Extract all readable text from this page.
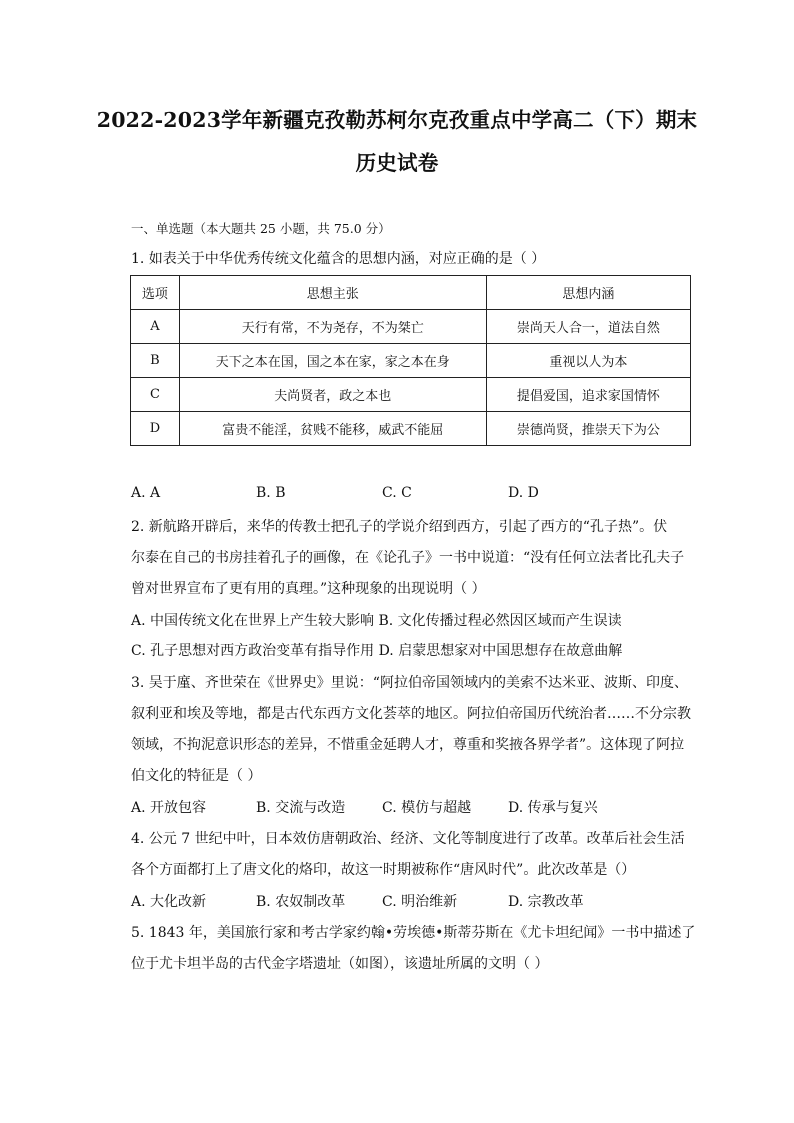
2022-2023学年新疆克孜勒苏柯尔克孜重点中学高二（下）期末
历史试卷
一、单选题（本大题共 25 小题，共 75.0 分）
1. 如表关于中华优秀传统文化蕴含的思想内涵，对应正确的是（ ）
选项	思想主张	思想内涵
A	天行有常，不为尧存，不为桀亡	崇尚天人合一，道法自然
B	天下之本在国，国之本在家，家之本在身	重视以人为本
C	夫尚贤者，政之本也	提倡爱国，追求家国情怀
D	富贵不能淫，贫贱不能移，威武不能屈	崇德尚贤，推崇天下为公
A. A	B. B	C. C	D. D
2. 新航路开辟后，来华的传教士把孔子的学说介绍到西方，引起了西方的“孔子热”。伏
尔泰在自己的书房挂着孔子的画像，在《论孔子》一书中说道：“没有任何立法者比孔夫子
曾对世界宣布了更有用的真理。”这种现象的出现说明（ ）
A. 中国传统文化在世界上产生较大影响 B. 文化传播过程必然因区域而产生误读
C. 孔子思想对西方政治变革有指导作用 D. 启蒙思想家对中国思想存在故意曲解
3. 吴于廑、齐世荣在《世界史》里说：“阿拉伯帝国领域内的美索不达米亚、波斯、印度、
叙利亚和埃及等地，都是古代东西方文化荟萃的地区。阿拉伯帝国历代统治者……不分宗教
领域，不拘泥意识形态的差异，不惜重金延聘人才，尊重和奖掖各界学者”。这体现了阿拉
伯文化的特征是（ ）
A. 开放包容	B. 交流与改造	C. 模仿与超越	D. 传承与复兴
4. 公元 7 世纪中叶，日本效仿唐朝政治、经济、文化等制度进行了改革。改革后社会生活
各个方面都打上了唐文化的烙印，故这一时期被称作“唐风时代”。此次改革是（）
A. 大化改新	B. 农奴制改革	C. 明治维新	D. 宗教改革
5. 1843 年，美国旅行家和考古学家约翰•劳埃德•斯蒂芬斯在《尤卡坦纪闻》一书中描述了
位于尤卡坦半岛的古代金字塔遗址（如图），该遗址所属的文明（ ）
